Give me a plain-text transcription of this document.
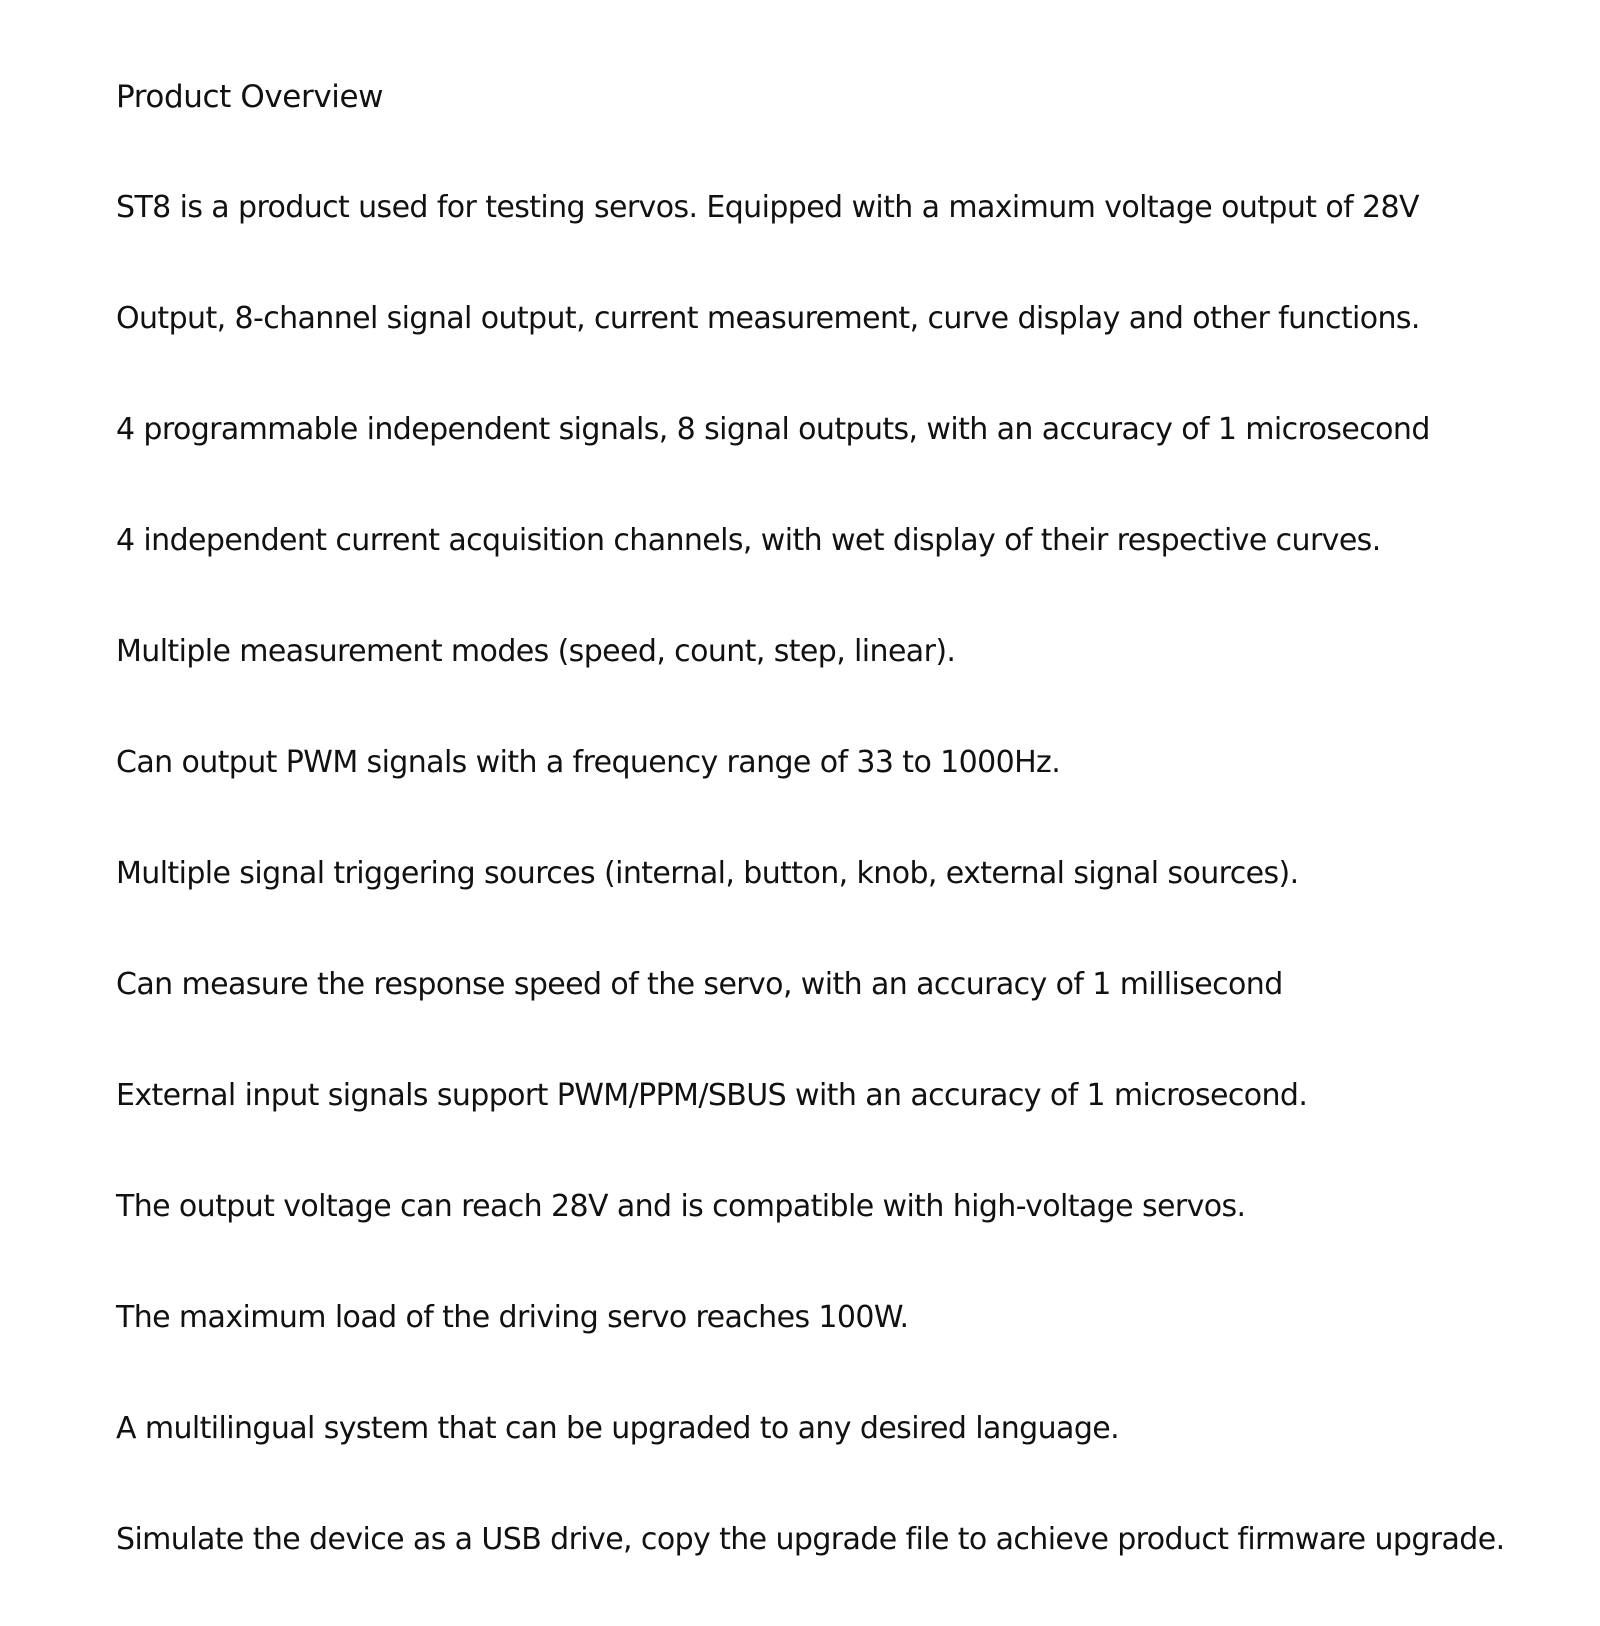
Product Overview
ST8 is a product used for testing servos. Equipped with a maximum voltage output of 28V
Output, 8-channel signal output, current measurement, curve display and other functions.
4 programmable independent signals, 8 signal outputs, with an accuracy of 1 microsecond
4 independent current acquisition channels, with wet display of their respective curves.
Multiple measurement modes (speed, count, step, linear).
Can output PWM signals with a frequency range of 33 to 1000Hz.
Multiple signal triggering sources (internal, button, knob, external signal sources).
Can measure the response speed of the servo, with an accuracy of 1 millisecond
External input signals support PWM/PPM/SBUS with an accuracy of 1 microsecond.
The output voltage can reach 28V and is compatible with high-voltage servos.
The maximum load of the driving servo reaches 100W.
A multilingual system that can be upgraded to any desired language.
Simulate the device as a USB drive, copy the upgrade file to achieve product firmware upgrade.
